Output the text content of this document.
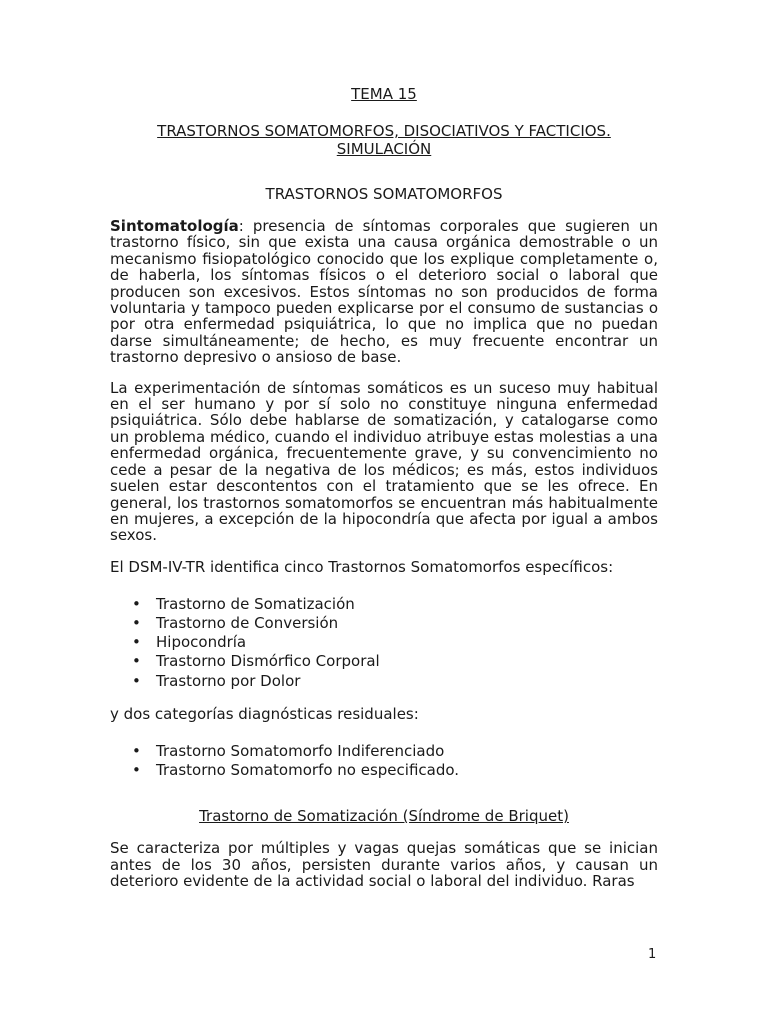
TEMA 15
TRASTORNOS SOMATOMORFOS, DISOCIATIVOS Y FACTICIOS.
SIMULACIÓN
TRASTORNOS SOMATOMORFOS

Sintomatología: presencia de síntomas corporales que sugieren un trastorno físico, sin que exista una causa orgánica demostrable o un mecanismo fisiopatológico conocido que los explique completamente o, de haberla, los síntomas físicos o el deterioro social o laboral que producen son excesivos. Estos síntomas no son producidos de forma voluntaria y tampoco pueden explicarse por el consumo de sustancias o por otra enfermedad psiquiátrica, lo que no implica que no puedan darse simultáneamente; de hecho, es muy frecuente encontrar un trastorno depresivo o ansioso de base.

La experimentación de síntomas somáticos es un suceso muy habitual en el ser humano y por sí solo no constituye ninguna enfermedad psiquiátrica. Sólo debe hablarse de somatización, y catalogarse como un problema médico, cuando el individuo atribuye estas molestias a una enfermedad orgánica, frecuentemente grave, y su convencimiento no cede a pesar de la negativa de los médicos; es más, estos individuos suelen estar descontentos con el tratamiento que se les ofrece. En general, los trastornos somatomorfos se encuentran más habitualmente en mujeres, a excepción de la hipocondría que afecta por igual a ambos sexos.

El DSM-IV-TR identifica cinco Trastornos Somatomorfos específicos:

• Trastorno de Somatización
• Trastorno de Conversión
• Hipocondría
• Trastorno Dismórfico Corporal
• Trastorno por Dolor

y dos categorías diagnósticas residuales:

• Trastorno Somatomorfo Indiferenciado
• Trastorno Somatomorfo no especificado.
Trastorno de Somatización (Síndrome de Briquet)

Se caracteriza por múltiples y vagas quejas somáticas que se inician antes de los 30 años, persisten durante varios años, y causan un deterioro evidente de la actividad social o laboral del individuo. Raras

1
